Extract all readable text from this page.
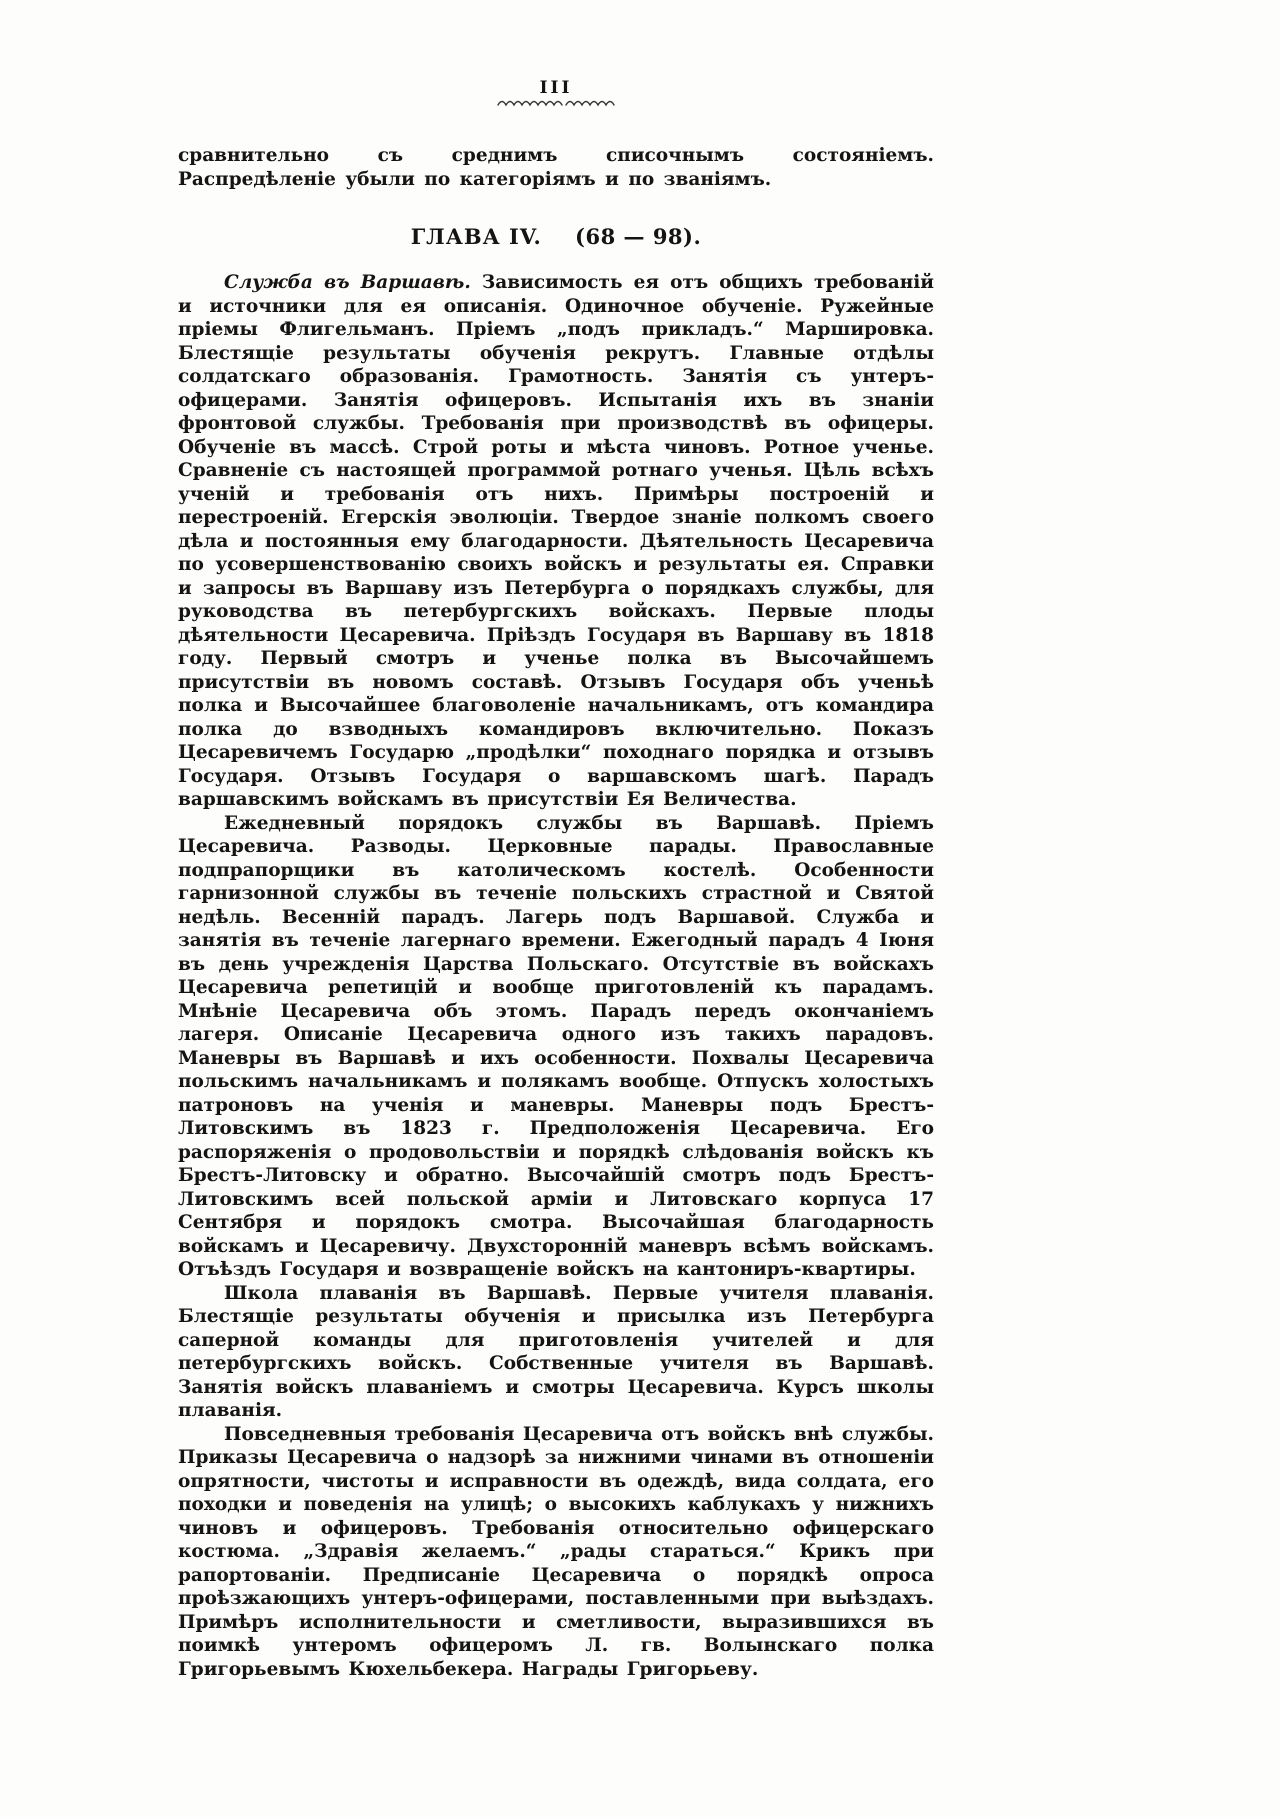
III
сравнительно съ среднимъ списочнымъ состояніемъ. Распредѣленіе убыли по категоріямъ и по званіямъ.
ГЛАВА IV. (68 — 98).

Служба въ Варшавѣ. Зависимость ея отъ общихъ требованій и источники для ея описанія. Одиночное обученіе. Ружейные пріемы Флигельманъ. Пріемъ „подъ прикладъ.“ Маршировка. Блестящіе результаты обученія рекрутъ. Главные отдѣлы солдатскаго образованія. Грамотность. Занятія съ унтеръ-офицерами. Занятія офицеровъ. Испытанія ихъ въ знаніи фронтовой службы. Требованія при производствѣ въ офицеры. Обученіе въ массѣ. Строй роты и мѣста чиновъ. Ротное ученье. Сравненіе съ настоящей программой ротнаго ученья. Цѣль всѣхъ ученій и требованія отъ нихъ. Примѣры построеній и перестроеній. Егерскія эволюціи. Твердое знаніе полкомъ своего дѣла и постоянныя ему благодарности. Дѣятельность Цесаревича по усовершенствованію своихъ войскъ и результаты ея. Справки и запросы въ Варшаву изъ Петербурга о порядкахъ службы, для руководства въ петербургскихъ войскахъ. Первые плоды дѣятельности Цесаревича. Пріѣздъ Государя въ Варшаву въ 1818 году. Первый смотръ и ученье полка въ Высочайшемъ присутствіи въ новомъ составѣ. Отзывъ Государя объ ученьѣ полка и Высочайшее благоволеніе начальникамъ, отъ командира полка до взводныхъ командировъ включительно. Показъ Цесаревичемъ Государю „продѣлки“ походнаго порядка и отзывъ Государя. Отзывъ Государя о варшавскомъ шагѣ. Парадъ варшавскимъ войскамъ въ присутствіи Ея Величества.

Ежедневный порядокъ службы въ Варшавѣ. Пріемъ Цесаревича. Разводы. Церковные парады. Православные подпрапорщики въ католическомъ костелѣ. Особенности гарнизонной службы въ теченіе польскихъ страстной и Святой недѣль. Весенній парадъ. Лагерь подъ Варшавой. Служба и занятія въ теченіе лагернаго времени. Ежегодный парадъ 4 Іюня въ день учрежденія Царства Польскаго. Отсутствіе въ войскахъ Цесаревича репетицій и вообще приготовленій къ парадамъ. Мнѣніе Цесаревича объ этомъ. Парадъ передъ окончаніемъ лагеря. Описаніе Цесаревича одного изъ такихъ парадовъ. Маневры въ Варшавѣ и ихъ особенности. Похвалы Цесаревича польскимъ начальникамъ и полякамъ вообще. Отпускъ холостыхъ патроновъ на ученія и маневры. Маневры подъ Брестъ-Литовскимъ въ 1823 г. Предположенія Цесаревича. Его распоряженія о продовольствіи и порядкѣ слѣдованія войскъ къ Брестъ-Литовску и обратно. Высочайшій смотръ подъ Брестъ-Литовскимъ всей польской арміи и Литовскаго корпуса 17 Сентября и порядокъ смотра. Высочайшая благодарность войскамъ и Цесаревичу. Двухсторонній маневръ всѣмъ войскамъ. Отъѣздъ Государя и возвращеніе войскъ на кантониръ-квартиры.

Школа плаванія въ Варшавѣ. Первые учителя плаванія. Блестящіе результаты обученія и присылка изъ Петербурга саперной команды для приготовленія учителей и для петербургскихъ войскъ. Собственные учителя въ Варшавѣ. Занятія войскъ плаваніемъ и смотры Цесаревича. Курсъ школы плаванія.

Повседневныя требованія Цесаревича отъ войскъ внѣ службы. Приказы Цесаревича о надзорѣ за нижними чинами въ отношеніи опрятности, чистоты и исправности въ одеждѣ, вида солдата, его походки и поведенія на улицѣ; о высокихъ каблукахъ у нижнихъ чиновъ и офицеровъ. Требованія относительно офицерскаго костюма. „Здравія желаемъ.“ „рады стараться.“ Крикъ при рапортованіи. Предписаніе Цесаревича о порядкѣ опроса проѣзжающихъ унтеръ-офицерами, поставленными при выѣздахъ. Примѣръ исполнительности и сметливости, выразившихся въ поимкѣ унтеромъ офицеромъ Л. гв. Волынскаго полка Григорьевымъ Кюхельбекера. Награды Григорьеву.
